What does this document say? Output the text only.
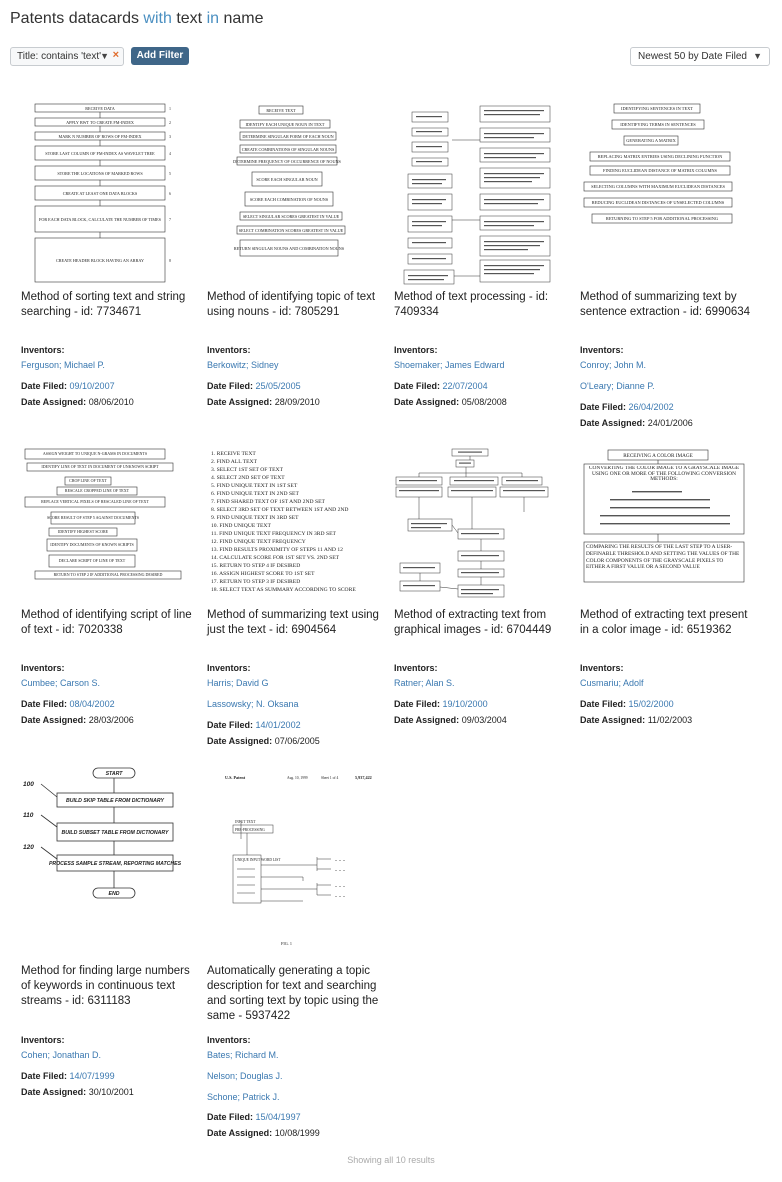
Patents datacards with text in name
Title: contains 'text' ▼ ×	Add Filter	Newest 50 by Date Filed ▼
RECEIVE DATA
APPLY BWT TO CREATE FM-INDEX
MARK N NUMBER OF ROWS OF FM-INDEX
STORE LAST COLUMN OF FM-INDEX AS WAVELET TREE
STORE THE LOCATIONS OF MARKED ROWS
CREATE AT LEAST ONE DATA BLOCKS
FOR EACH DATA BLOCK, CALCULATE THE NUMBER OF TIMES
CREATE HEADER BLOCK HAVING AN ARRAY
1
2
3
4
5
6
7
8
Method of sorting text and string searching - id: 7734671
Inventors:
Ferguson; Michael P.
Date Filed: 09/10/2007
Date Assigned: 08/06/2010
RECEIVE TEXT
IDENTIFY EACH UNIQUE NOUN IN TEXT
DETERMINE SINGULAR FORM OF EACH NOUN
CREATE COMBINATIONS OF SINGULAR NOUNS
DETERMINE FREQUENCY OF OCCURRENCE OF NOUNS
SCORE EACH SINGULAR NOUN
SCORE EACH COMBINATION OF NOUNS
SELECT SINGULAR SCORES GREATEST IN VALUE
SELECT COMBINATION SCORES GREATEST IN VALUE
RETURN SINGULAR NOUNS AND COMBINATION NOUNS
Method of identifying topic of text using nouns - id: 7805291
Inventors:
Berkowitz; Sidney
Date Filed: 25/05/2005
Date Assigned: 28/09/2010
Method of text processing - id: 7409334
Inventors:
Shoemaker; James Edward
Date Filed: 22/07/2004
Date Assigned: 05/08/2008
IDENTIFYING SENTENCES IN TEXT
IDENTIFYING TERMS IN SENTENCES
GENERATING A MATRIX
REPLACING MATRIX ENTRIES USING DECLINING FUNCTION
FINDING EUCLIDEAN DISTANCE OF MATRIX COLUMNS
SELECTING COLUMNS WITH MAXIMUM EUCLIDEAN DISTANCES
REDUCING EUCLIDEAN DISTANCES OF UNSELECTED COLUMNS
RETURNING TO STEP 5 FOR ADDITIONAL PROCESSING
Method of summarizing text by sentence extraction - id: 6990634
Inventors:
Conroy; John M.
O'Leary; Dianne P.
Date Filed: 26/04/2002
Date Assigned: 24/01/2006
ASSIGN WEIGHT TO UNIQUE N-GRAMS IN DOCUMENTS
IDENTIFY LINE OF TEXT IN DOCUMENT OF UNKNOWN SCRIPT
CROP LINE OF TEXT
RESCALE CROPPED LINE OF TEXT
REPLACE VERTICAL PIXELS OF RESCALED LINE OF TEXT
SCORE RESULT OF STEP 5 AGAINST DOCUMENTS
IDENTIFY HIGHEST SCORE
IDENTIFY DOCUMENTS OF KNOWN SCRIPTS
DECLARE SCRIPT OF LINE OF TEXT
RETURN TO STEP 2 IF ADDITIONAL PROCESSING DESIRED
Method of identifying script of line of text - id: 7020338
Inventors:
Cumbee; Carson S.
Date Filed: 08/04/2002
Date Assigned: 28/03/2006
1. RECEIVE TEXT
2. FIND ALL TEXT
3. SELECT 1ST SET OF TEXT
4. SELECT 2ND SET OF TEXT
5. FIND UNIQUE TEXT IN 1ST SET
6. FIND UNIQUE TEXT IN 2ND SET
7. FIND SHARED TEXT OF 1ST AND 2ND SET
8. SELECT 3RD SET OF TEXT BETWEEN 1ST AND 2ND
9. FIND UNIQUE TEXT IN 3RD SET
10. FIND UNIQUE TEXT
11. FIND UNIQUE TEXT FREQUENCY IN 3RD SET
12. FIND UNIQUE TEXT FREQUENCY
13. FIND RESULTS PROXIMITY OF STEPS 11 AND 12
14. CALCULATE SCORE FOR 1ST SET VS. 2ND SET
15. RETURN TO STEP 4 IF DESIRED
16. ASSIGN HIGHEST SCORE TO 1ST SET
17. RETURN TO STEP 3 IF DESIRED
18. SELECT TEXT AS SUMMARY ACCORDING TO SCORE
Method of summarizing text using just the text - id: 6904564
Inventors:
Harris; David G
Lassowsky; N. Oksana
Date Filed: 14/01/2002
Date Assigned: 07/06/2005
Method of extracting text from graphical images - id: 6704449
Inventors:
Ratner; Alan S.
Date Filed: 19/10/2000
Date Assigned: 09/03/2004
RECEIVING A COLOR IMAGE
CONVERTING THE COLOR IMAGE TO A GRAYSCALE IMAGE USING ONE OR MORE OF THE FOLLOWING CONVERSION METHODS:
COMPARING THE RESULTS OF THE LAST STEP TO A USER-DEFINABLE THRESHOLD AND SETTING THE VALUES OF THE COLOR COMPONENTS OF THE GRAYSCALE PIXELS TO EITHER A FIRST VALUE OR A SECOND VALUE
Method of extracting text present in a color image - id: 6519362
Inventors:
Cusmariu; Adolf
Date Filed: 15/02/2000
Date Assigned: 11/02/2003
START
BUILD SKIP TABLE FROM DICTIONARY
BUILD SUBSET TABLE FROM DICTIONARY
PROCESS SAMPLE STREAM, REPORTING MATCHES
END
100
110
120
Method for finding large numbers of keywords in continuous text streams - id: 6311183
Inventors:
Cohen; Jonathan D.
Date Filed: 14/07/1999
Date Assigned: 30/10/2001
U.S. Patent	Aug. 10, 1999	Sheet 1 of 4	5,937,422
. . .
. . .
. . .
. . .
INPUT TEXT
PRE-PROCESSING
UNIQUE INPUT WORD LIST
FIG. 1
Automatically generating a topic description for text and searching and sorting text by topic using the same - 5937422
Inventors:
Bates; Richard M.
Nelson; Douglas J.
Schone; Patrick J.
Date Filed: 15/04/1997
Date Assigned: 10/08/1999
Showing all 10 results
